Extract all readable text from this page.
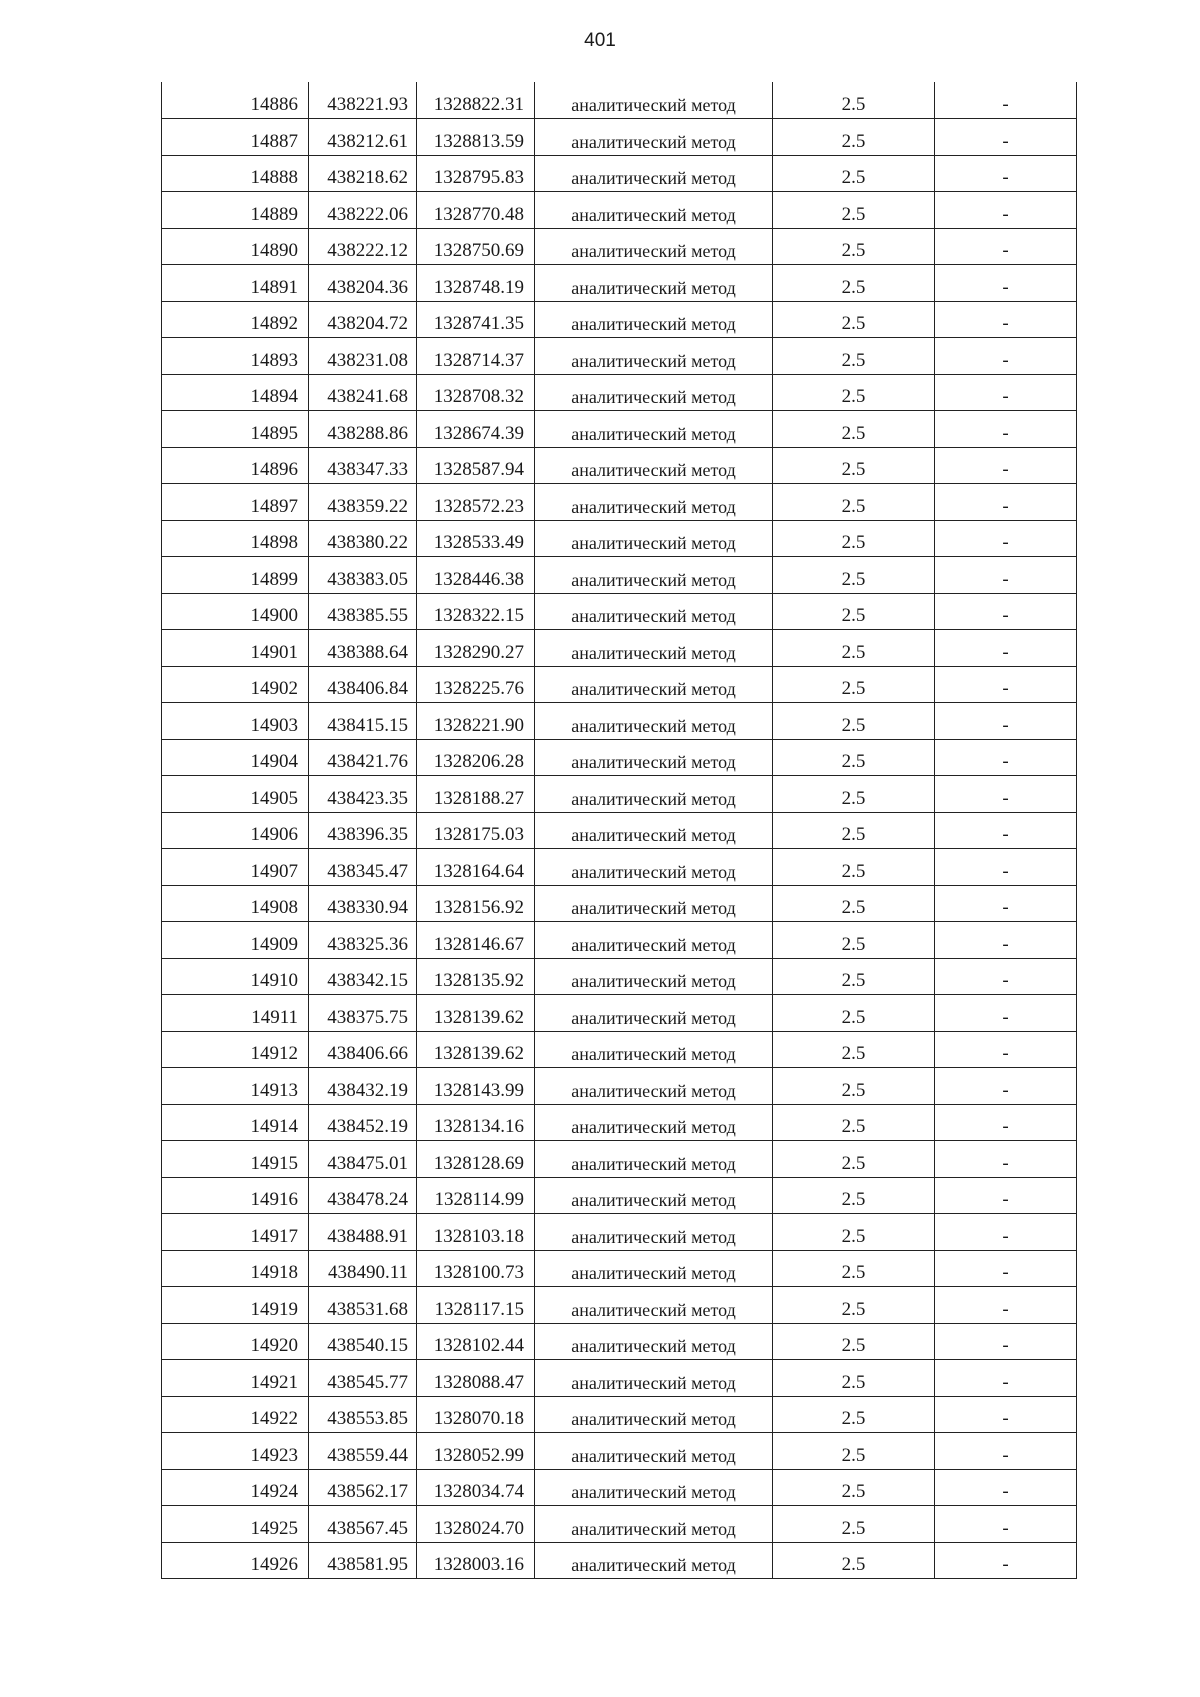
401
14886	438221.93	1328822.31	аналитический метод	2.5	-
14887	438212.61	1328813.59	аналитический метод	2.5	-
14888	438218.62	1328795.83	аналитический метод	2.5	-
14889	438222.06	1328770.48	аналитический метод	2.5	-
14890	438222.12	1328750.69	аналитический метод	2.5	-
14891	438204.36	1328748.19	аналитический метод	2.5	-
14892	438204.72	1328741.35	аналитический метод	2.5	-
14893	438231.08	1328714.37	аналитический метод	2.5	-
14894	438241.68	1328708.32	аналитический метод	2.5	-
14895	438288.86	1328674.39	аналитический метод	2.5	-
14896	438347.33	1328587.94	аналитический метод	2.5	-
14897	438359.22	1328572.23	аналитический метод	2.5	-
14898	438380.22	1328533.49	аналитический метод	2.5	-
14899	438383.05	1328446.38	аналитический метод	2.5	-
14900	438385.55	1328322.15	аналитический метод	2.5	-
14901	438388.64	1328290.27	аналитический метод	2.5	-
14902	438406.84	1328225.76	аналитический метод	2.5	-
14903	438415.15	1328221.90	аналитический метод	2.5	-
14904	438421.76	1328206.28	аналитический метод	2.5	-
14905	438423.35	1328188.27	аналитический метод	2.5	-
14906	438396.35	1328175.03	аналитический метод	2.5	-
14907	438345.47	1328164.64	аналитический метод	2.5	-
14908	438330.94	1328156.92	аналитический метод	2.5	-
14909	438325.36	1328146.67	аналитический метод	2.5	-
14910	438342.15	1328135.92	аналитический метод	2.5	-
14911	438375.75	1328139.62	аналитический метод	2.5	-
14912	438406.66	1328139.62	аналитический метод	2.5	-
14913	438432.19	1328143.99	аналитический метод	2.5	-
14914	438452.19	1328134.16	аналитический метод	2.5	-
14915	438475.01	1328128.69	аналитический метод	2.5	-
14916	438478.24	1328114.99	аналитический метод	2.5	-
14917	438488.91	1328103.18	аналитический метод	2.5	-
14918	438490.11	1328100.73	аналитический метод	2.5	-
14919	438531.68	1328117.15	аналитический метод	2.5	-
14920	438540.15	1328102.44	аналитический метод	2.5	-
14921	438545.77	1328088.47	аналитический метод	2.5	-
14922	438553.85	1328070.18	аналитический метод	2.5	-
14923	438559.44	1328052.99	аналитический метод	2.5	-
14924	438562.17	1328034.74	аналитический метод	2.5	-
14925	438567.45	1328024.70	аналитический метод	2.5	-
14926	438581.95	1328003.16	аналитический метод	2.5	-
